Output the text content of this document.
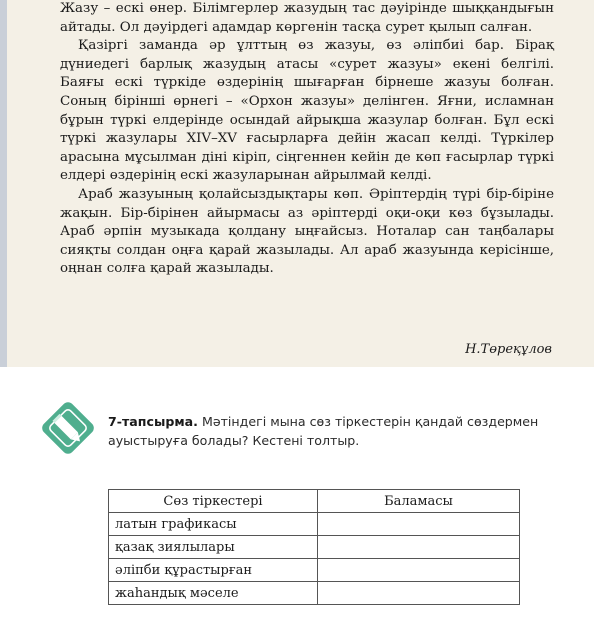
Жазу – ескі өнер. Білімгерлер жазудың тас дәуірінде шыққандығын айтады. Ол дәуірдегі адамдар көргенін тасқа сурет қылып салған.

Қазіргі заманда әр ұлттың өз жазуы, өз әліпбиі бар. Бірақ дүниедегі барлық жазудың атасы «сурет жазуы» екені белгілі. Баяғы ескі түркіде өздерінің шығарған бірнеше жазуы болған. Соның біріншi өрнегі – «Орхон жазуы» делінген. Яғни, исламнан бұрын түркі елдерінде осындай айрықша жазулар болған. Бұл ескі түркі жазулары XIV–XV ғасырларға дейін жасап келді. Түркілер арасына мұсылман діні кіріп, сіңгеннен кейін де көп ғасырлар түркі елдері өздерінің ескі жазуларынан айрылмай келді.

Араб жазуының қолайсыздықтары көп. Әріптердің түрі бір-біріне жақын. Бір-бірінен айырмасы аз әріптерді оқи-оқи көз бұзылады. Араб әрпін музыкада қолдану ыңғайсыз. Ноталар сан таңбалары сияқты солдан оңға қарай жазылады. Ал араб жазуында керісінше, оңнан солға қарай жазылады.

Н.Төреқұлов
7-тапсырма. Мәтіндегі мына сөз тіркестерін қандай сөздермен ауыстыруға болады? Кестені толтыр.
Сөз тіркестері	Баламасы
латын графикасы	
қазақ зиялылары	
әліпби құрастырған	
жаһандық мәселе	
